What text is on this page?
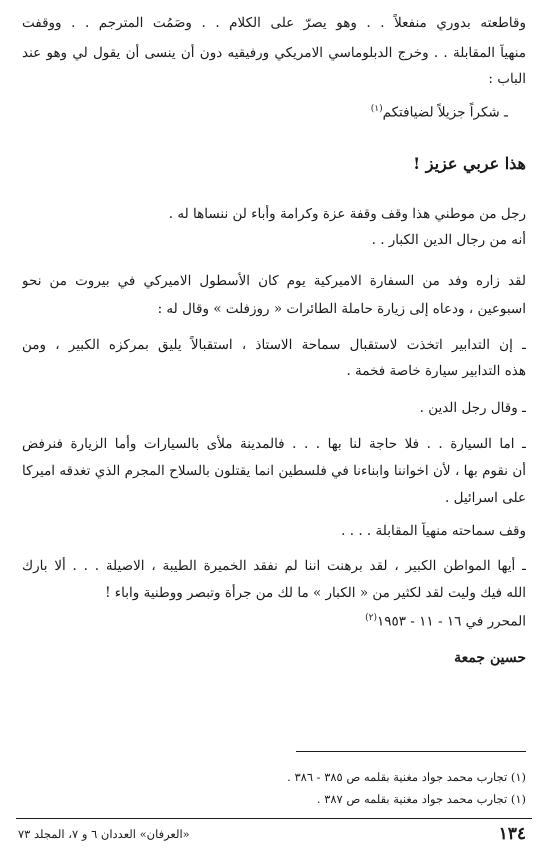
وقاطعته بدوري منفعلاً . . وهو يصرّ على الكلام . . وصَمُت المترجم . . ووقفت
منهياً المقابلة . . وخرج الدبلوماسي الامريكي ورفيقيه دون أن ينسى أن يقول لي وهو عند
الباب :
ـ شكراً جزيلاً لضيافتكم$^{(١)}$
هذا عربي عزيز !
رجل من موطني هذا وقف وقفة عزة وكرامة وأباء لن ننساها له .
أنه من رجال الدين الكبار . .
لقد زاره وفد من السفارة الاميركية يوم كان الأسطول الاميركي في بيروت من نحو
اسبوعين ، ودعاه إلى زيارة حاملة الطائرات « روزفلت » وقال له :
ـ إن التدابير اتخذت لاستقبال سماحة الاستاذ ، استقبالاً يليق بمركزه الكبير ، ومن
هذه التدابير سيارة خاصة فخمة .
ـ وقال رجل الدين .
ـ اما السيارة . . فلا حاجة لنا بها . . . فالمدينة ملأى بالسيارات وأما الزيارة فنرفض
أن نقوم بها ، لأن اخواننا وابناءنا في فلسطين انما يقتلون بالسلاح المجرم الذي تغدقه اميركا
على اسرائيل .
وقف سماحته منهياً المقابلة . . . .
ـ أيها المواطن الكبير ، لقد برهنت اننا لم نفقد الخميرة الطيبة ، الاصيلة . . . ألا بارك
الله فيك وليت لقد لكثير من « الكبار » ما لك من جرأة وتبصر ووطنية واباء !
المحرر في ١٦ - ١١ - ١٩٥٣$^{(٢)}$
حسين جمعة
(١) تجارب محمد جواد مغنية بقلمه ص ٣٨٥ - ٣٨٦ .
(١) تجارب محمد جواد مغنية بقلمه ص ٣٨٧ .
١٣٤
«العرفان» العددان ٦ و ٧، المجلد ٧٣
